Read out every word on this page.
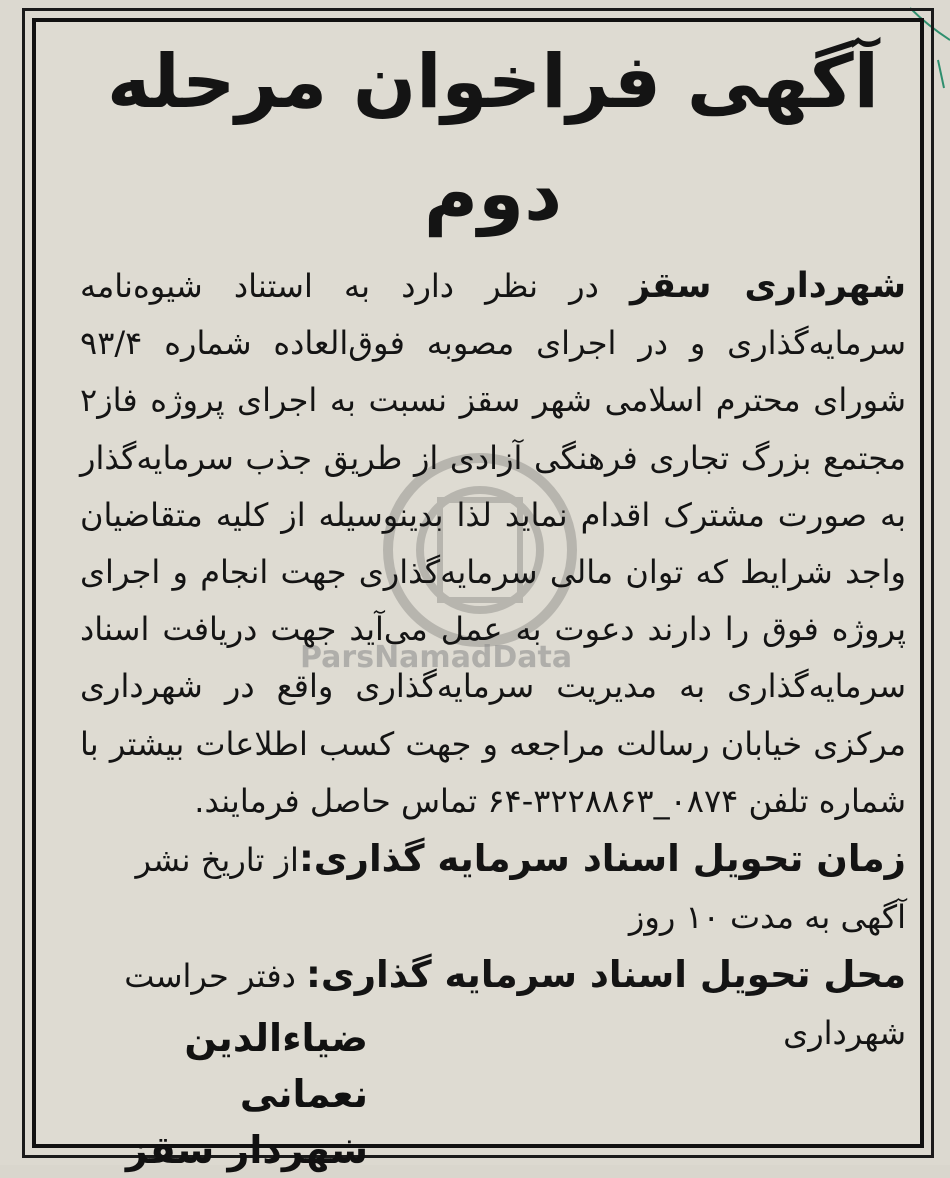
ParsNamadData
آگهی فراخوان مرحله دوم

شهرداری سقز در نظر دارد به استناد شیوه‌نامه سرمایه‌گذاری و در اجرای مصوبه فوق‌العاده شماره ۹۳/۴ شورای محترم اسلامی شهر سقز نسبت به اجرای پروژه فاز۲ مجتمع بزرگ تجاری فرهنگی آزادی از طریق جذب سرمایه‌گذار به صورت مشترک اقدام نماید لذا بدینوسیله از کلیه متقاضیان واجد شرایط که توان مالی سرمایه‌گذاری جهت انجام و اجرای پروژه فوق را دارند دعوت به عمل می‌آید جهت دریافت اسناد سرمایه‌گذاری به مدیریت سرمایه‌گذاری واقع در شهرداری مرکزی خیابان رسالت مراجعه و جهت کسب اطلاعات بیشتر با شماره تلفن ۰۸۷۴_۳۲۲۸۸۶۳-۶۴ تماس حاصل فرمایند.

زمان تحویل اسناد سرمایه گذاری:از تاریخ نشر آگهی به مدت ۱۰ روز

محل تحویل اسناد سرمایه گذاری: دفتر حراست شهرداری

ضیاءالدین نعمانی
شهردار سقز
